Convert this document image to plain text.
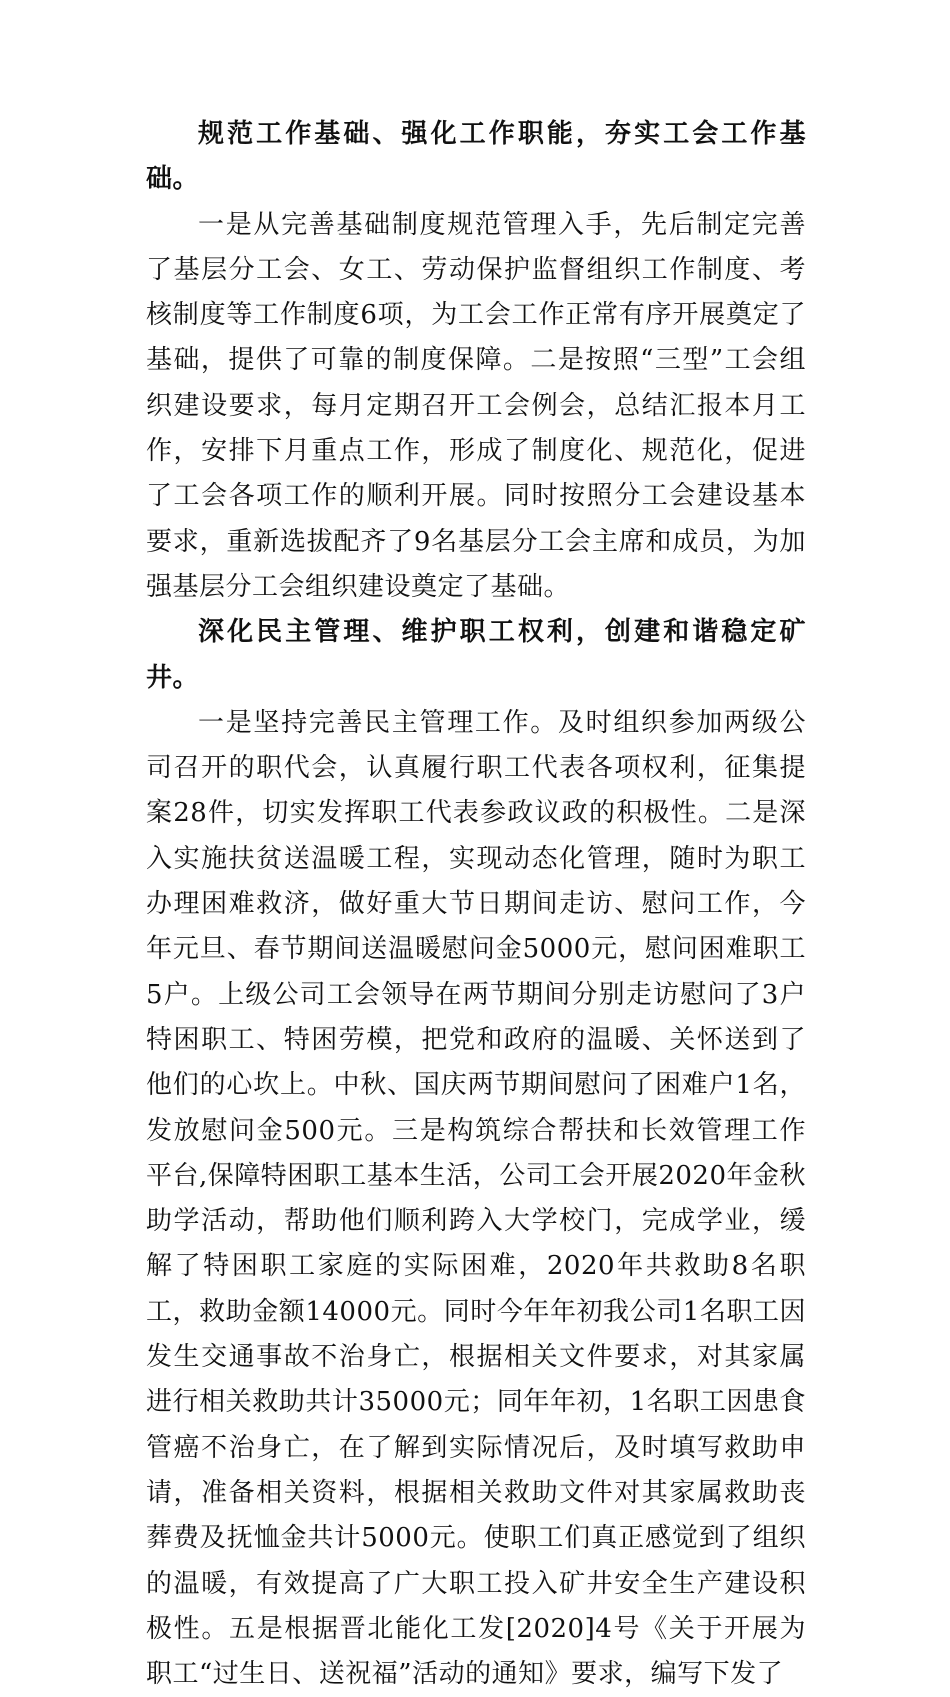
规范工作基础、强化工作职能，夯实工会工作基础。

一是从完善基础制度规范管理入手，先后制定完善了基层分工会、女工、劳动保护监督组织工作制度、考核制度等工作制度6项，为工会工作正常有序开展奠定了基础，提供了可靠的制度保障。二是按照“三型”工会组织建设要求，每月定期召开工会例会，总结汇报本月工作，安排下月重点工作，形成了制度化、规范化，促进了工会各项工作的顺利开展。同时按照分工会建设基本要求，重新选拔配齐了9名基层分工会主席和成员，为加强基层分工会组织建设奠定了基础。

深化民主管理、维护职工权利，创建和谐稳定矿井。

一是坚持完善民主管理工作。及时组织参加两级公司召开的职代会，认真履行职工代表各项权利，征集提案28件，切实发挥职工代表参政议政的积极性。二是深入实施扶贫送温暖工程，实现动态化管理，随时为职工办理困难救济，做好重大节日期间走访、慰问工作，今年元旦、春节期间送温暖慰问金5000元，慰问困难职工5户。上级公司工会领导在两节期间分别走访慰问了3户特困职工、特困劳模，把党和政府的温暖、关怀送到了他们的心坎上。中秋、国庆两节期间慰问了困难户1名，发放慰问金500元。三是构筑综合帮扶和长效管理工作平台,保障特困职工基本生活，公司工会开展2020年金秋助学活动，帮助他们顺利跨入大学校门，完成学业，缓解了特困职工家庭的实际困难，2020年共救助8名职工，救助金额14000元。同时今年年初我公司1名职工因发生交通事故不治身亡，根据相关文件要求，对其家属进行相关救助共计35000元；同年年初，1名职工因患食管癌不治身亡，在了解到实际情况后，及时填写救助申请，准备相关资料，根据相关救助文件对其家属救助丧葬费及抚恤金共计5000元。使职工们真正感觉到了组织的温暖，有效提高了广大职工投入矿井安全生产建设积极性。五是根据晋北能化工发[2020]4号《关于开展为职工“过生日、送祝福”活动的通知》要求，编写下发了
